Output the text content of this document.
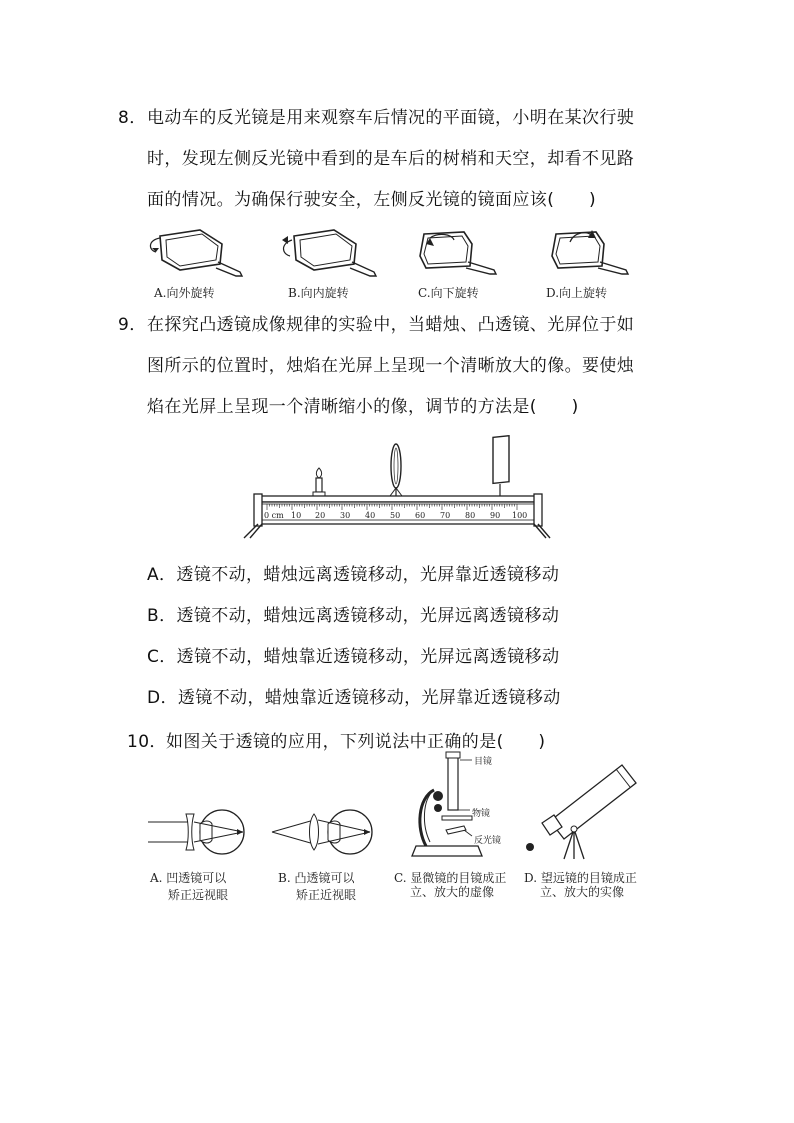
8． 电动车的反光镜是用来观察车后情况的平面镜，小明在某次行驶
时，发现左侧反光镜中看到的是车后的树梢和天空，却看不见路
面的情况。为确保行驶安全，左侧反光镜的镜面应该(　　)
A.向外旋转	B.向内旋转	C.向下旋转	D.向上旋转
9． 在探究凸透镜成像规律的实验中，当蜡烛、凸透镜、光屏位于如
图所示的位置时，烛焰在光屏上呈现一个清晰放大的像。要使烛
焰在光屏上呈现一个清晰缩小的像，调节的方法是(　　)
0 cm 10 20 30 40 50 60 70 80 90 100
A．透镜不动，蜡烛远离透镜移动，光屏靠近透镜移动
B．透镜不动，蜡烛远离透镜移动，光屏远离透镜移动
C．透镜不动，蜡烛靠近透镜移动，光屏远离透镜移动
D．透镜不动，蜡烛靠近透镜移动，光屏靠近透镜移动
10． 如图关于透镜的应用，下列说法中正确的是(　　)
目镜
物镜
反光镜
A. 凹透镜可以
矫正远视眼
B. 凸透镜可以
矫正近视眼
C. 显微镜的目镜成正
立、放大的虚像
D. 望远镜的目镜成正
立、放大的实像
